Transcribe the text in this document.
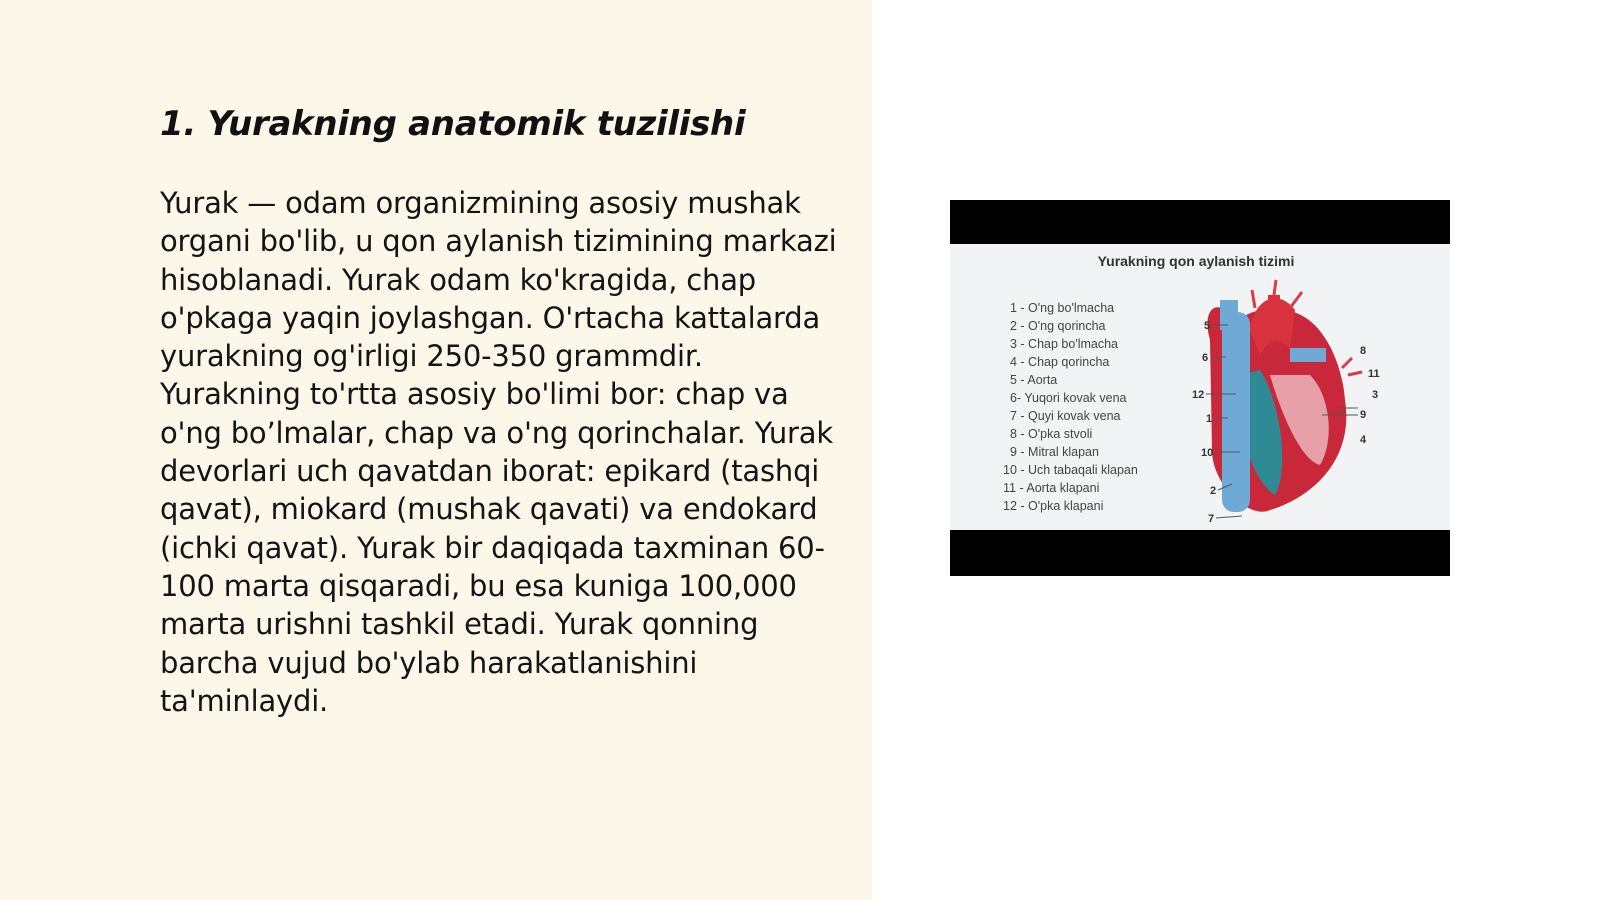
1. Yurakning anatomik tuzilishi

Yurak — odam organizmining asosiy mushak organi bo'lib, u qon aylanish tizimining markazi hisoblanadi. Yurak odam ko'kragida, chap o'pkaga yaqin joylashgan. O'rtacha kattalarda yurakning og'irligi 250-350 grammdir. Yurakning to'rtta asosiy bo'limi bor: chap va o'ng bo’lmalar, chap va o'ng qorinchalar. Yurak devorlari uch qavatdan iborat: epikard (tashqi qavat), miokard (mushak qavati) va endokard (ichki qavat). Yurak bir daqiqada taxminan 60-100 marta qisqaradi, bu esa kuniga 100,000 marta urishni tashkil etadi. Yurak qonning barcha vujud bo'ylab harakatlanishini ta'minlaydi.

Yurakning qon aylanish tizimi
1 - O'ng bo'lmacha
2 - O'ng qorincha
3 - Chap bo'lmacha
4 - Chap qorincha
5 - Aorta
6- Yuqori kovak vena
7 - Quyi kovak vena
8 - O'pka stvoli
9 - Mitral klapan
10 - Uch tabaqali klapan
11 - Aorta klapani
12 - O'pka klapani
5
6
12
1
10
2
7
8
11
3
9
4
